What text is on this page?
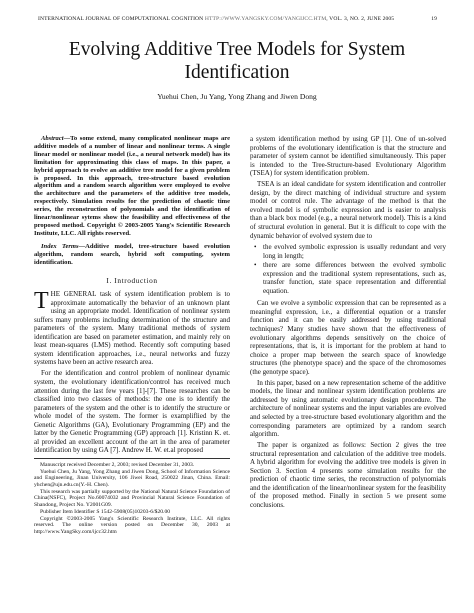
INTERNATIONAL JOURNAL OF COMPUTATIONAL COGNITION HTTP://WWW.YANGSKY.COM/YANGIJCC.HTM, VOL. 3, NO. 2, JUNE 2005	19
Evolving Additive Tree Models for System Identification
Yuehui Chen, Ju Yang, Yong Zhang and Jiwen Dong

Abstract—To some extend, many complicated nonlinear maps are additive models of a number of linear and nonlinear terms. A single linear model or nonlinear model (i.e., a neural network model) has its limitation for approximating this class of maps. In this paper, a hybrid approach to evolve an additive tree model for a given problem is proposed. In this approach, tree-structure based evolution algorithm and a random search algorithm were employed to evolve the architecture and the parameters of the additive tree models, respectively. Simulation results for the prediction of chaotic time series, the reconstruction of polynomials and the identification of linear/nonlinear sytems show the feasibility and effectiveness of the proposed method. Copyright © 2003-2005 Yang's Scientific Research Institute, LLC. All rights reserved.

Index Terms—Additive model, tree-structure based evolution algorithm, random search, hybrid soft computing, system identification.

I. Introduction

THE GENERAL task of system identification problem is to approximate automatically the behavior of an unknown plant using an appropriate model. Identification of nonlinear system suffers many problems including determination of the structure and parameters of the system. Many traditional methods of system identification are based on parameter estimation, and mainly rely on least mean-squares (LMS) method. Recently soft computing based system identification approaches, i.e., neural networks and fuzzy systems have been an active research area.

For the identification and control problem of nonlinear dynamic system, the evolutionary identification/control has received much attention during the last few years [1]-[7]. These researches can be classified into two classes of methods: the one is to identify the parameters of the system and the other is to identify the structure or whole model of the system. The former is exampliflied by the Genetic Algorithms (GA), Evolutionary Programming (EP) and the latter by the Genetic Programming (GP) approach [1]. Kristinn K. et. al provided an excellent account of the art in the area of parameter identification by using GA [7]. Andrew H. W. et.al proposed

Manuscript received December 2, 2003; revised December 31, 2003.

Yuehui Chen, Ju Yang, Yong Zhang and Jiwen Dong, School of Information Science and Engineering, Jinan University, 106 Jiwei Road, 250022 Jinan, China. Email: yhchen@ujn.edu.cn(Y.-H. Chen).

This research was partially supported by the National Natural Science Foundation of China(NSFC), Project No.60074032 and Provincial Natural Science Foundation of Shandong, Project No. Y2001G09.

Publisher Item Identifier S 1542-5908(05)10203-6/$20.00

Copyright ©2003-2005 Yang's Scientific Research Institute, LLC. All rights reserved. The online version posted on December 30, 2003 at http://www.YangSky.com/ijcc32.htm

a system identification method by using GP [1]. One of un-solved problems of the evolutionary identification is that the structure and parameter of system cannot be identified simultaneously. This paper is intended to the Tree-Structure-based Evolutionary Algorithm (TSEA) for system identification problem.

TSEA is an ideal candidate for system identification and controller design, by the direct matching of individual structure and system model or control rule. The advantage of the method is that the evolved model is of symbolic expression and is easier to analysis than a black box model (e.g., a neural network model). This is a kind of structural evolution in general. But it is difficult to cope with the dynamic behavior of evolved system due to

• the evolved symbolic expression is usually redundant and very long in length;
• there are some differences between the evolved symbolic expression and the traditional system representations, such as, transfer function, state space representation and differential equation.

Can we evolve a symbolic expression that can be represented as a meaningful expression, i.e., a differential equation or a transfer function and it can be easily addressed by using traditional techniques? Many studies have shown that the effectiveness of evolutionary algorithms depends sensitively on the choice of representations, that is, it is important for the problem at hand to choice a proper map between the search space of knowledge structures (the phenotype space) and the space of the chromosomes (the genotype space).

In this paper, based on a new representation scheme of the additive models, the linear and nonlinear system identification problems are addressed by using automatic evolutionary design procedure. The architecture of nonlinear systems and the input variables are evolved and selected by a tree-structure based evolutionary algorithm and the corresponding parameters are optimized by a random search algorithm.

The paper is organized as follows: Section 2 gives the tree structural representation and calculation of the additive tree models. A hybrid algorithm for evolving the additive tree models is given in Section 3. Section 4 presents some simulation results for the prediction of chaotic time series, the reconstruction of polynomials and the identification of the linear/nonlinear system for the feasibility of the proposed method. Finally in section 5 we present some conclusions.
